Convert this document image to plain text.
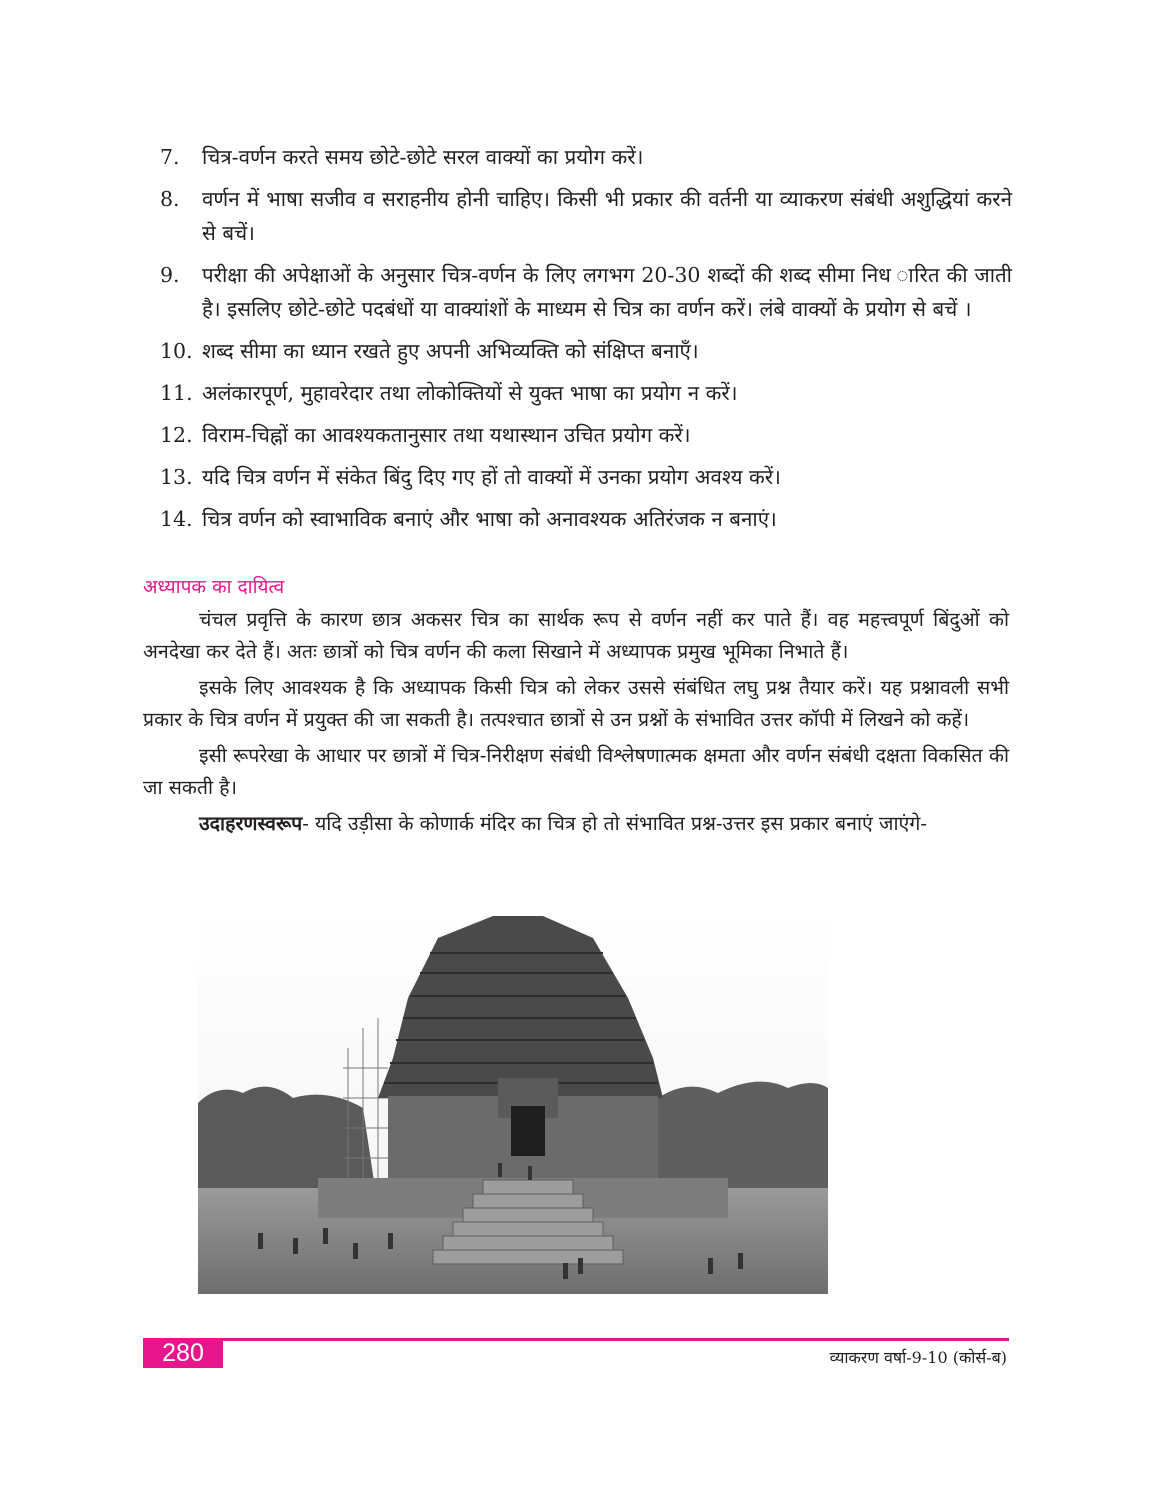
7.	चित्र-वर्णन करते समय छोटे-छोटे सरल वाक्यों का प्रयोग करें।
8.	वर्णन में भाषा सजीव व सराहनीय होनी चाहिए। किसी भी प्रकार की वर्तनी या व्याकरण संबंधी अशुद्धियां करने से बचें।
9.	परीक्षा की अपेक्षाओं के अनुसार चित्र-वर्णन के लिए लगभग 20-30 शब्दों की शब्द सीमा निध ारित की जाती है। इसलिए छोटे-छोटे पदबंधों या वाक्यांशों के माध्यम से चित्र का वर्णन करें। लंबे वाक्यों के प्रयोग से बचें ।
10. शब्द सीमा का ध्यान रखते हुए अपनी अभिव्यक्ति को संक्षिप्त बनाएँ।
11. अलंकारपूर्ण, मुहावरेदार तथा लोकोक्तियों से युक्त भाषा का प्रयोग न करें।
12. विराम-चिह्नों का आवश्यकतानुसार तथा यथास्थान उचित प्रयोग करें।
13. यदि चित्र वर्णन में संकेत बिंदु दिए गए हों तो वाक्यों में उनका प्रयोग अवश्य करें।
14. चित्र वर्णन को स्वाभाविक बनाएं और भाषा को अनावश्यक अतिरंजक न बनाएं।
अध्यापक का दायित्व

चंचल प्रवृत्ति के कारण छात्र अकसर चित्र का सार्थक रूप से वर्णन नहीं कर पाते हैं। वह महत्त्वपूर्ण बिंदुओं को अनदेखा कर देते हैं। अतः छात्रों को चित्र वर्णन की कला सिखाने में अध्यापक प्रमुख भूमिका निभाते हैं।

इसके लिए आवश्यक है कि अध्यापक किसी चित्र को लेकर उससे संबंधित लघु प्रश्न तैयार करें। यह प्रश्नावली सभी प्रकार के चित्र वर्णन में प्रयुक्त की जा सकती है। तत्पश्चात छात्रों से उन प्रश्नों के संभावित उत्तर कॉपी में लिखने को कहें।

इसी रूपरेखा के आधार पर छात्रों में चित्र-निरीक्षण संबंधी विश्लेषणात्मक क्षमता और वर्णन संबंधी दक्षता विकसित की जा सकती है।

उदाहरणस्वरूप- यदि उड़ीसा के कोणार्क मंदिर का चित्र हो तो संभावित प्रश्न-उत्तर इस प्रकार बनाएं जाएंगे-

280	व्याकरण वर्षा-9-10 (कोर्स-ब)
